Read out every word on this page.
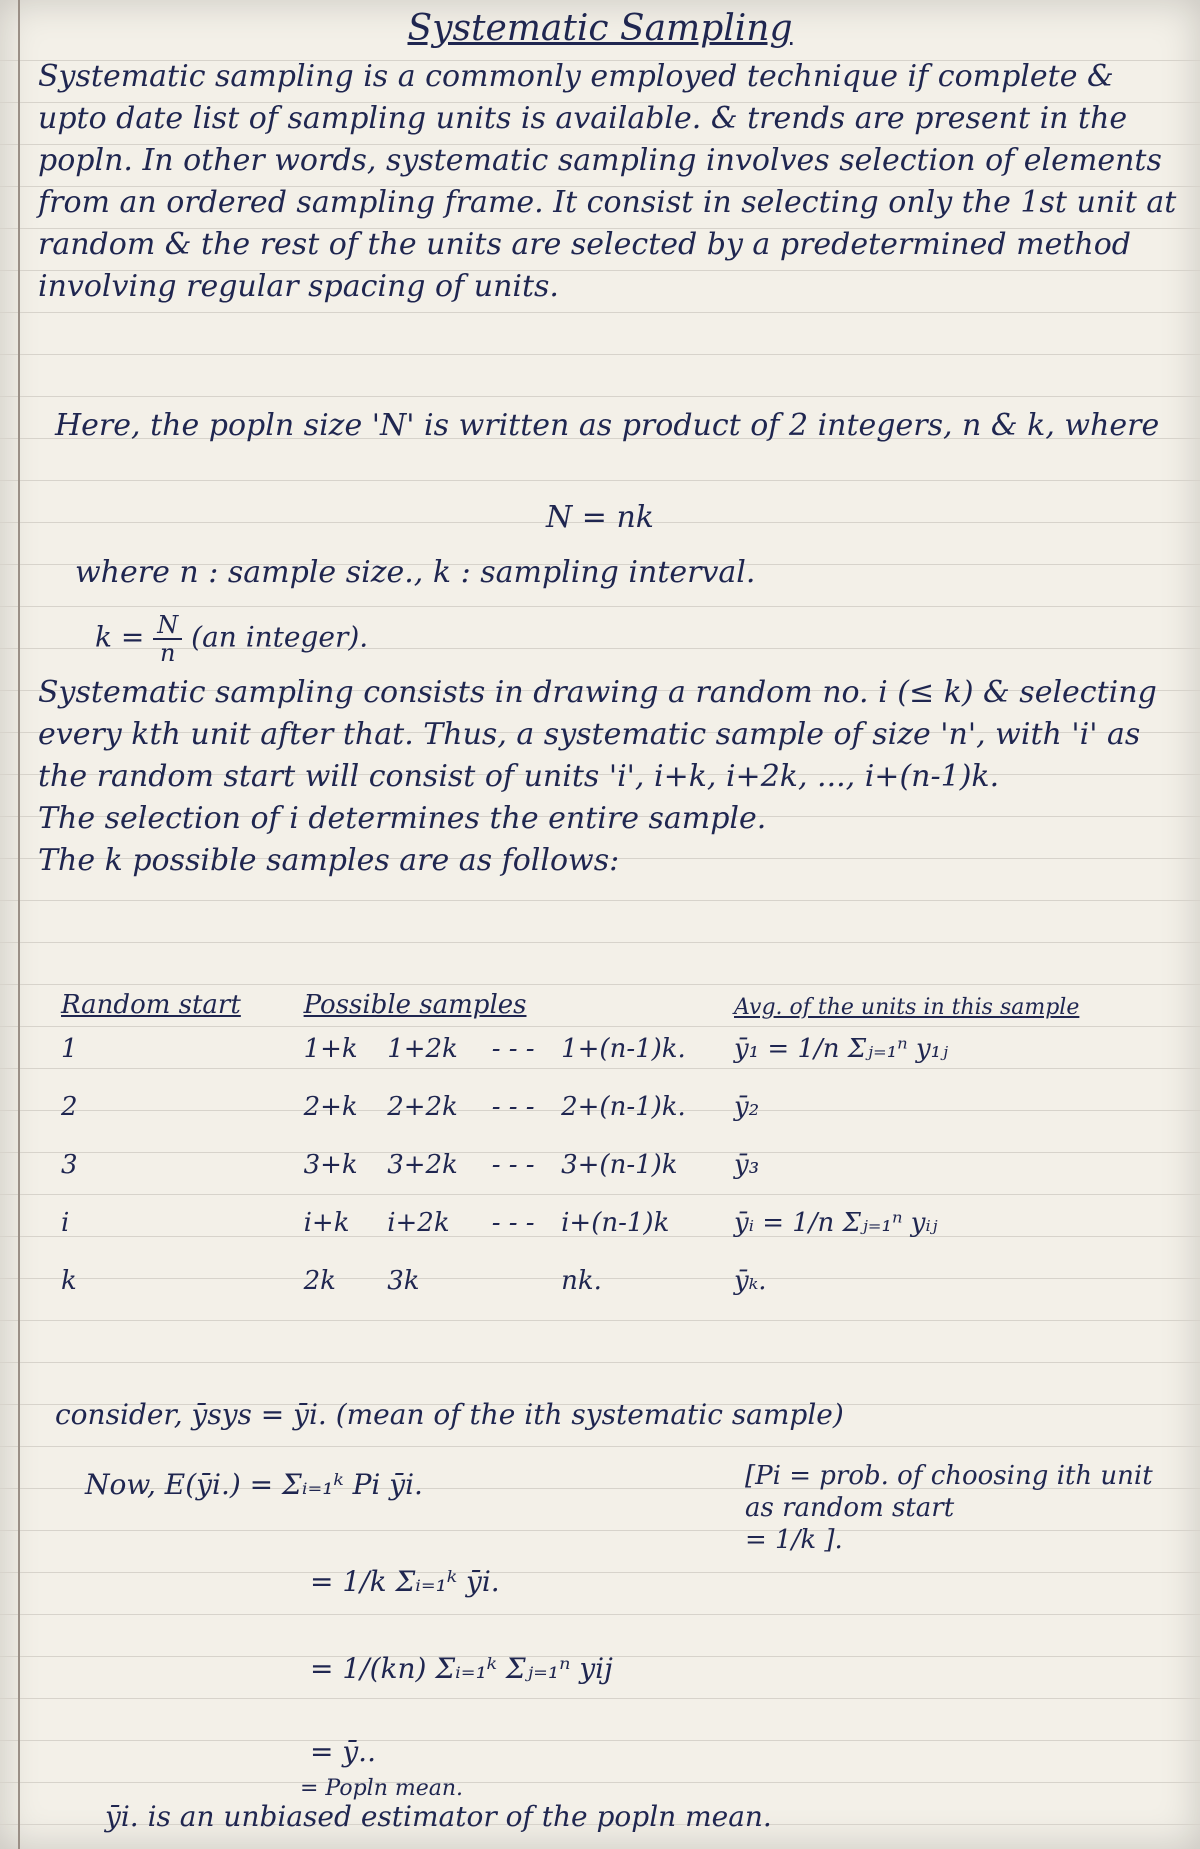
Systematic Sampling
Systematic sampling is a commonly employed technique if complete & upto date list of sampling units is available. & trends are present in the popln. In other words, systematic sampling involves selection of elements from an ordered sampling frame. It consist in selecting only the 1st unit at random & the rest of the units are selected by a predetermined method involving regular spacing of units.
Here, the popln size 'N' is written as product of 2 integers, n & k, where
N = nk
where n : sample size., k : sampling interval.
$k = \frac{N}{n} (an$ integer).
Systematic sampling consists in drawing a random no. i (≤ k) & selecting every kth unit after that. Thus, a systematic sample of size 'n', with 'i' as the random start will consist of units 'i', i+k, i+2k, ..., i+(n-1)k.
The selection of i determines the entire sample.
The k possible samples are as follows:
Random start	Possible samples				Avg. of the units in this sample
1	1+k	1+2k	- - -	1+(n-1)k.	ȳ₁ = 1/n Σⱼ₌₁ⁿ y₁ⱼ
2	2+k	2+2k	- - -	2+(n-1)k.	ȳ₂
3	3+k	3+2k	- - -	3+(n-1)k	ȳ₃
i	i+k	i+2k	- - -	i+(n-1)k	ȳᵢ = 1/n Σⱼ₌₁ⁿ yᵢⱼ
k	2k	3k		nk.	ȳₖ.
consider, ȳsys = ȳi. (mean of the ith systematic sample)
Now, E(ȳi.) = Σᵢ₌₁ᵏ Pi ȳi.	[Pi = prob. of choosing ith unit as random start
= 1/k ].
= 1/k Σᵢ₌₁ᵏ ȳi.
= 1/(kn) Σᵢ₌₁ᵏ Σⱼ₌₁ⁿ yij
= ȳ..
= Popln mean.
ȳi. is an unbiased estimator of the popln mean.
